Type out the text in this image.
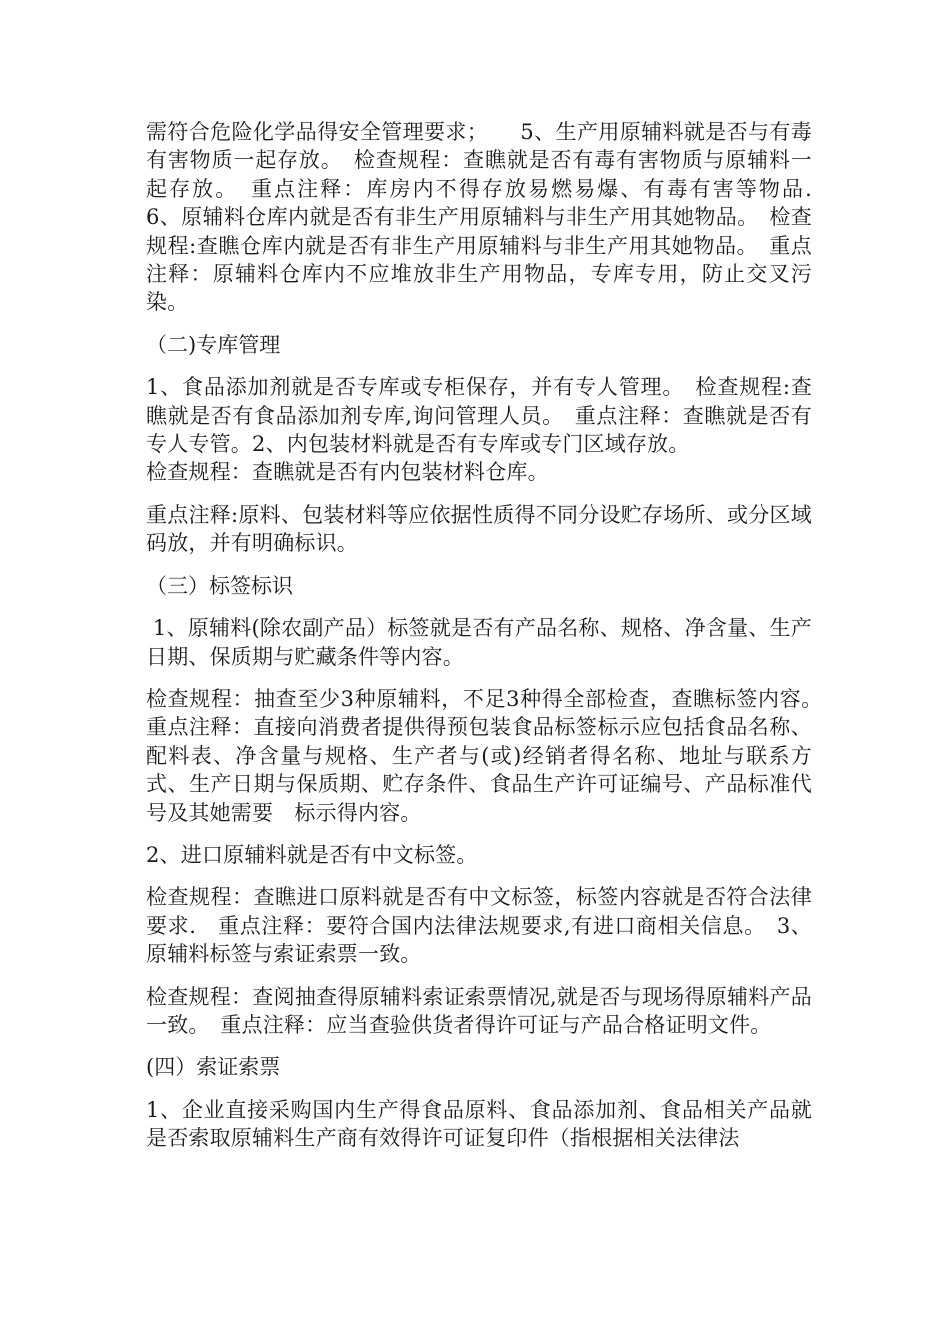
需符合危险化学品得安全管理要求；　　5、生产用原辅料就是否与有毒有害物质一起存放。　检查规程：查瞧就是否有毒有害物质与原辅料一起存放。　重点注释：库房内不得存放易燃易爆、有毒有害等物品.　6、原辅料仓库内就是否有非生产用原辅料与非生产用其她物品。　检查规程:查瞧仓库内就是否有非生产用原辅料与非生产用其她物品。　重点注释：原辅料仓库内不应堆放非生产用物品，专库专用，防止交叉污染。

（二)专库管理

1、食品添加剂就是否专库或专柜保存，并有专人管理。　检查规程:查瞧就是否有食品添加剂专库,询问管理人员。　重点注释：查瞧就是否有专人专管。2、内包装材料就是否有专库或专门区域存放。
检查规程：查瞧就是否有内包装材料仓库。

重点注释:原料、包装材料等应依据性质得不同分设贮存场所、或分区域码放，并有明确标识。

（三）标签标识

1、原辅料(除农副产品）标签就是否有产品名称、规格、净含量、生产日期、保质期与贮藏条件等内容。

检查规程：抽查至少3种原辅料，不足3种得全部检查，查瞧标签内容。　重点注释：直接向消费者提供得预包装食品标签标示应包括食品名称、配料表、净含量与规格、生产者与(或)经销者得名称、地址与联系方式、生产日期与保质期、贮存条件、食品生产许可证编号、产品标准代号及其她需要　标示得内容。

2、进口原辅料就是否有中文标签。

检查规程：查瞧进口原料就是否有中文标签，标签内容就是否符合法律要求.　重点注释：要符合国内法律法规要求,有进口商相关信息。　3、原辅料标签与索证索票一致。

检查规程：查阅抽查得原辅料索证索票情况,就是否与现场得原辅料产品一致。　重点注释：应当查验供货者得许可证与产品合格证明文件。

(四）索证索票

1、企业直接采购国内生产得食品原料、食品添加剂、食品相关产品就是否索取原辅料生产商有效得许可证复印件（指根据相关法律法
